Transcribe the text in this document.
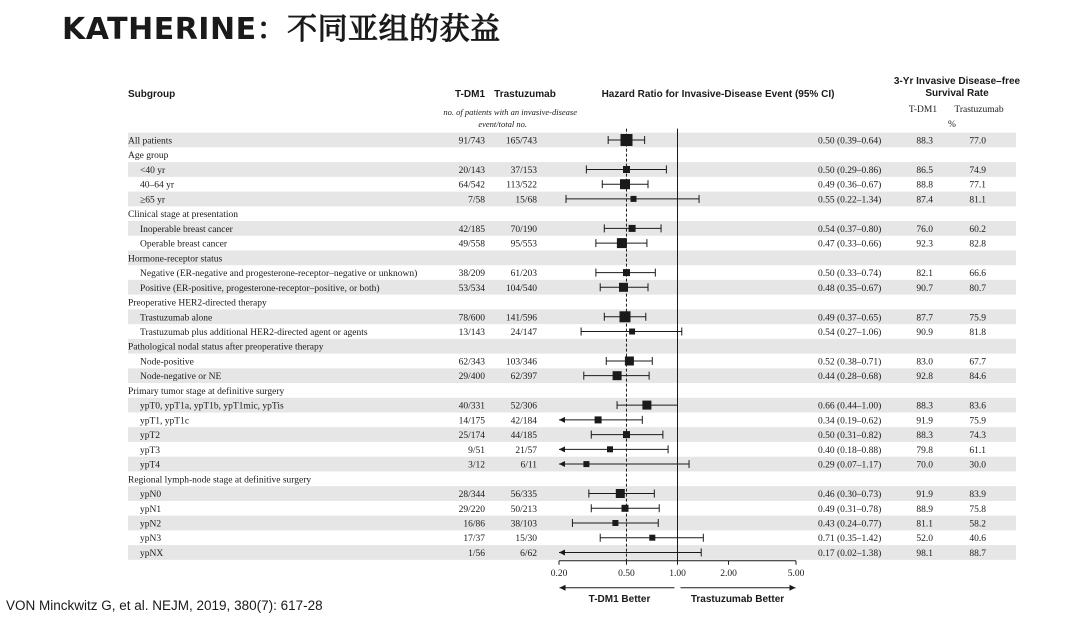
KATHERINE：不同亚组的获益
Subgroup	T-DM1 Trastuzumab
no. of patients with an invasive-disease
event/total no.
Hazard Ratio for Invasive-Disease Event (95% CI)
3-Yr Invasive Disease–free
Survival Rate
T-DM1 Trastuzumab
%
All patients	91/743 165/743	0.50 (0.39–0.64)	88.3	77.0
Age group
<40 yr	20/143	37/153	0.50 (0.29–0.86)	86.5	74.9
40–64 yr	64/542 113/522	0.49 (0.36–0.67)	88.8	77.1
≥65 yr	7/58	15/68	0.55 (0.22–1.34)	87.4	81.1
Clinical stage at presentation
Inoperable breast cancer	42/185	70/190	0.54 (0.37–0.80)	76.0	60.2
Operable breast cancer	49/558	95/553	0.47 (0.33–0.66)	92.3	82.8
Hormone-receptor status
Negative (ER-negative and progesterone-receptor–negative or unknown)	38/209	61/203	0.50 (0.33–0.74)	82.1	66.6
Positive (ER-positive, progesterone-receptor–positive, or both)	53/534 104/540	0.48 (0.35–0.67)	90.7	80.7
Preoperative HER2-directed therapy
Trastuzumab alone	78/600 141/596	0.49 (0.37–0.65)	87.7	75.9
Trastuzumab plus additional HER2-directed agent or agents	13/143	24/147	0.54 (0.27–1.06)	90.9	81.8
Pathological nodal status after preoperative therapy
Node-positive	62/343 103/346	0.52 (0.38–0.71)	83.0	67.7
Node-negative or NE	29/400	62/397	0.44 (0.28–0.68)	92.8	84.6
Primary tumor stage at definitive surgery
ypT0, ypT1a, ypT1b, ypT1mic, ypTis	40/331	52/306	0.66 (0.44–1.00)	88.3	83.6
ypT1, ypT1c	14/175	42/184	0.34 (0.19–0.62)	91.9	75.9
ypT2	25/174	44/185	0.50 (0.31–0.82)	88.3	74.3
ypT3	9/51	21/57	0.40 (0.18–0.88)	79.8	61.1
ypT4	3/12	6/11	0.29 (0.07–1.17)	70.0	30.0
Regional lymph-node stage at definitive surgery
ypN0	28/344	56/335	0.46 (0.30–0.73)	91.9	83.9
ypN1	29/220	50/213	0.49 (0.31–0.78)	88.9	75.8
ypN2	16/86	38/103	0.43 (0.24–0.77)	81.1	58.2
ypN3	17/37	15/30	0.71 (0.35–1.42)	52.0	40.6
ypNX	1/56	6/62	0.17 (0.02–1.38)	98.1	88.7
0.20	0.50	1.00	2.00	5.00
T-DM1 Better	Trastuzumab Better
VON Minckwitz G, et al. NEJM, 2019, 380(7): 617-28
